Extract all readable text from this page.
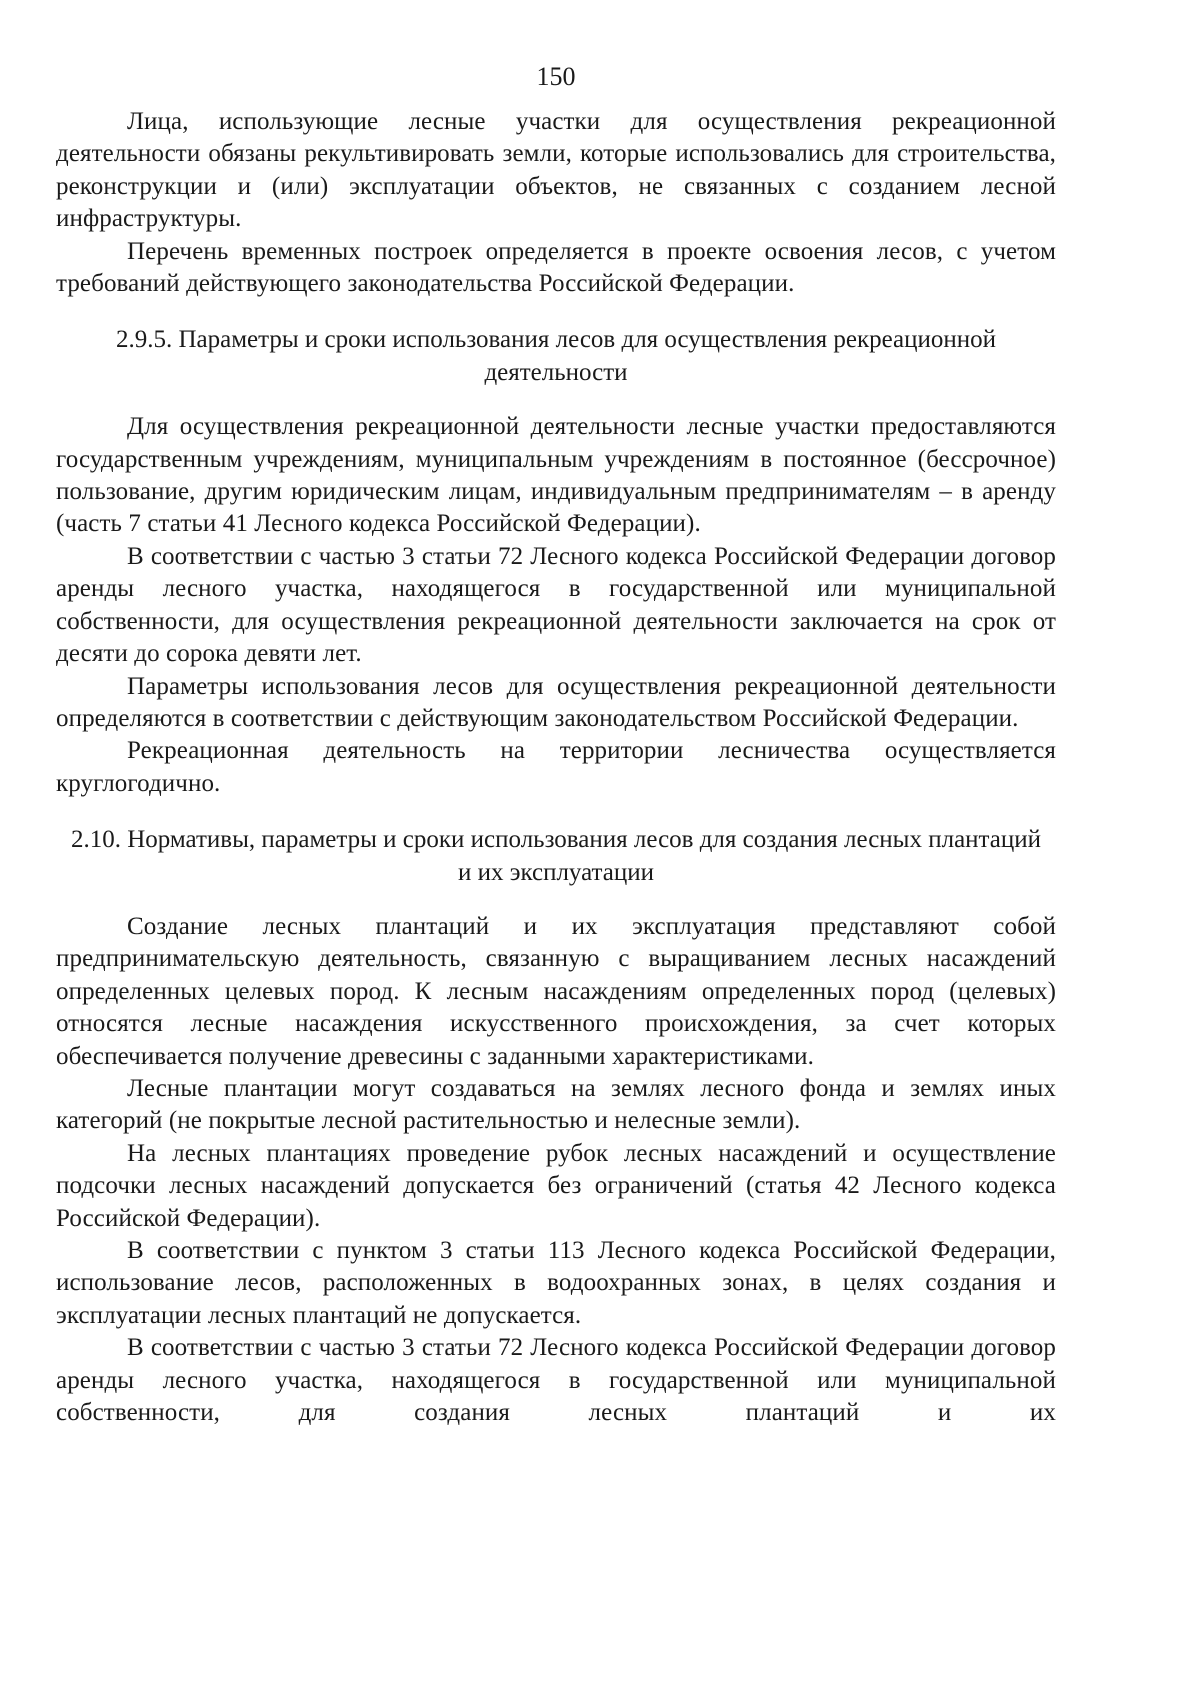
150

Лица, использующие лесные участки для осуществления рекреационной деятельности обязаны рекультивировать земли, которые использовались для строительства, реконструкции и (или) эксплуатации объектов, не связанных с созданием лесной инфраструктуры.

Перечень временных построек определяется в проекте освоения лесов, с учетом требований действующего законодательства Российской Федерации.

2.9.5. Параметры и сроки использования лесов для осуществления рекреационной деятельности

Для осуществления рекреационной деятельности лесные участки предоставляются государственным учреждениям, муниципальным учреждениям в постоянное (бессрочное) пользование, другим юридическим лицам, индивидуальным предпринимателям – в аренду (часть 7 статьи 41 Лесного кодекса Российской Федерации).

В соответствии с частью 3 статьи 72 Лесного кодекса Российской Федерации договор аренды лесного участка, находящегося в государственной или муниципальной собственности, для осуществления рекреационной деятельности заключается на срок от десяти до сорока девяти лет.

Параметры использования лесов для осуществления рекреационной деятельности определяются в соответствии с действующим законодательством Российской Федерации.

Рекреационная деятельность на территории лесничества осуществляется круглогодично.

2.10. Нормативы, параметры и сроки использования лесов для создания лесных плантаций и их эксплуатации

Создание лесных плантаций и их эксплуатация представляют собой предпринимательскую деятельность, связанную с выращиванием лесных насаждений определенных целевых пород. К лесным насаждениям определенных пород (целевых) относятся лесные насаждения искусственного происхождения, за счет которых обеспечивается получение древесины с заданными характеристиками.

Лесные плантации могут создаваться на землях лесного фонда и землях иных категорий (не покрытые лесной растительностью и нелесные земли).

На лесных плантациях проведение рубок лесных насаждений и осуществление подсочки лесных насаждений допускается без ограничений (статья 42 Лесного кодекса Российской Федерации).

В соответствии с пунктом 3 статьи 113 Лесного кодекса Российской Федерации, использование лесов, расположенных в водоохранных зонах, в целях создания и эксплуатации лесных плантаций не допускается.

В соответствии с частью 3 статьи 72 Лесного кодекса Российской Федерации договор аренды лесного участка, находящегося в государственной или муниципальной собственности, для создания лесных плантаций и их
